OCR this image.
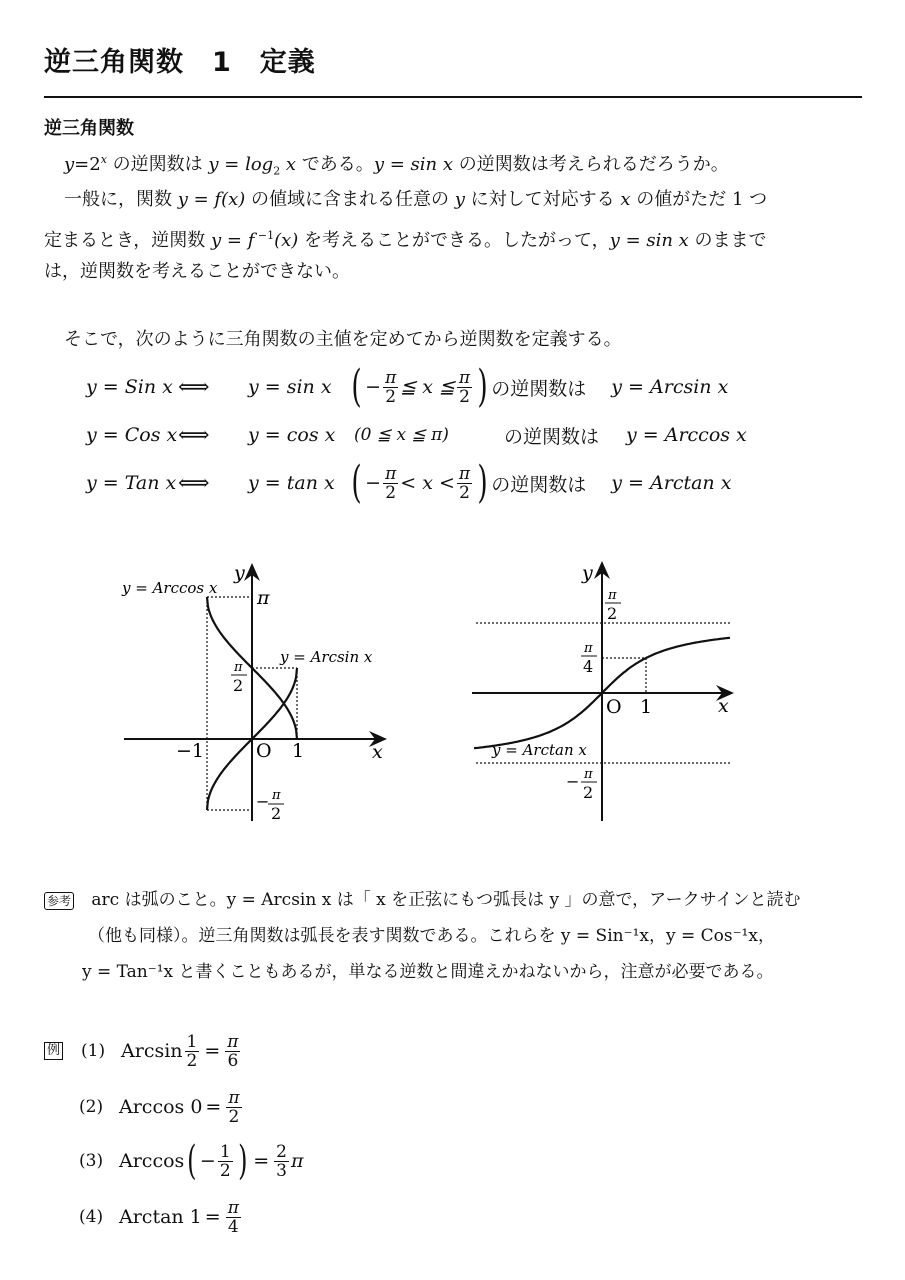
逆三角関数　1　定義
逆三角関数
$y=2^x$ の逆関数は $y = \log_2 x$ である。y = sin x の逆関数は考えられるだろうか。
一般に，関数 y = f(x) の値域に含まれる任意の y に対して対応する x の値がただ 1 つ
定まるとき，逆関数 y = f $^{-1}$(x) を考えることができる。したがって，y = sin x のままで
は，逆関数を考えることができない。
そこで，次のように三角関数の主値を定めてから逆関数を定義する。
y = Sin x ⟺	y = sin x ( − $\frac{\pi}{2}$ ≦ x ≦ $\frac{\pi}{2}$ ) の逆関数は	y = Arcsin x
y = Cos x ⟺	y = cos x	(0 ≦ x ≦ π)	の逆関数は	y = Arccos x
y = Tan x ⟺	y = tan x ( − $\frac{\pi}{2} < x < \frac{\pi}{2}$ ) の逆関数は	y = Arctan x
y
x
O
−1	1
π
π
2
− π
2
y = Arccos x
y = Arcsin x
y
x
O 1
π
2
π
4
− π
2
y = Arctan x
参考 arc は弧のこと。y = Arcsin x は「 x を正弦にもつ弧長は y 」の意で，アークサインと読む
（他も同様）。逆三角関数は弧長を表す関数である。これらを y = Sin⁻¹x，y = Cos⁻¹x，
y = Tan⁻¹x と書くこともあるが，単なる逆数と間違えかねないから，注意が必要である。
例 (1) Arcsin $\frac{1}{2} = \frac{\pi}{6}$
(2) Arccos $0 = \frac{\pi}{2}$
(3) Arccos ( − $\frac{1}{2}$ ) = $\frac{2}{3}$ π
(4) Arctan $1 = \frac{\pi}{4}$
